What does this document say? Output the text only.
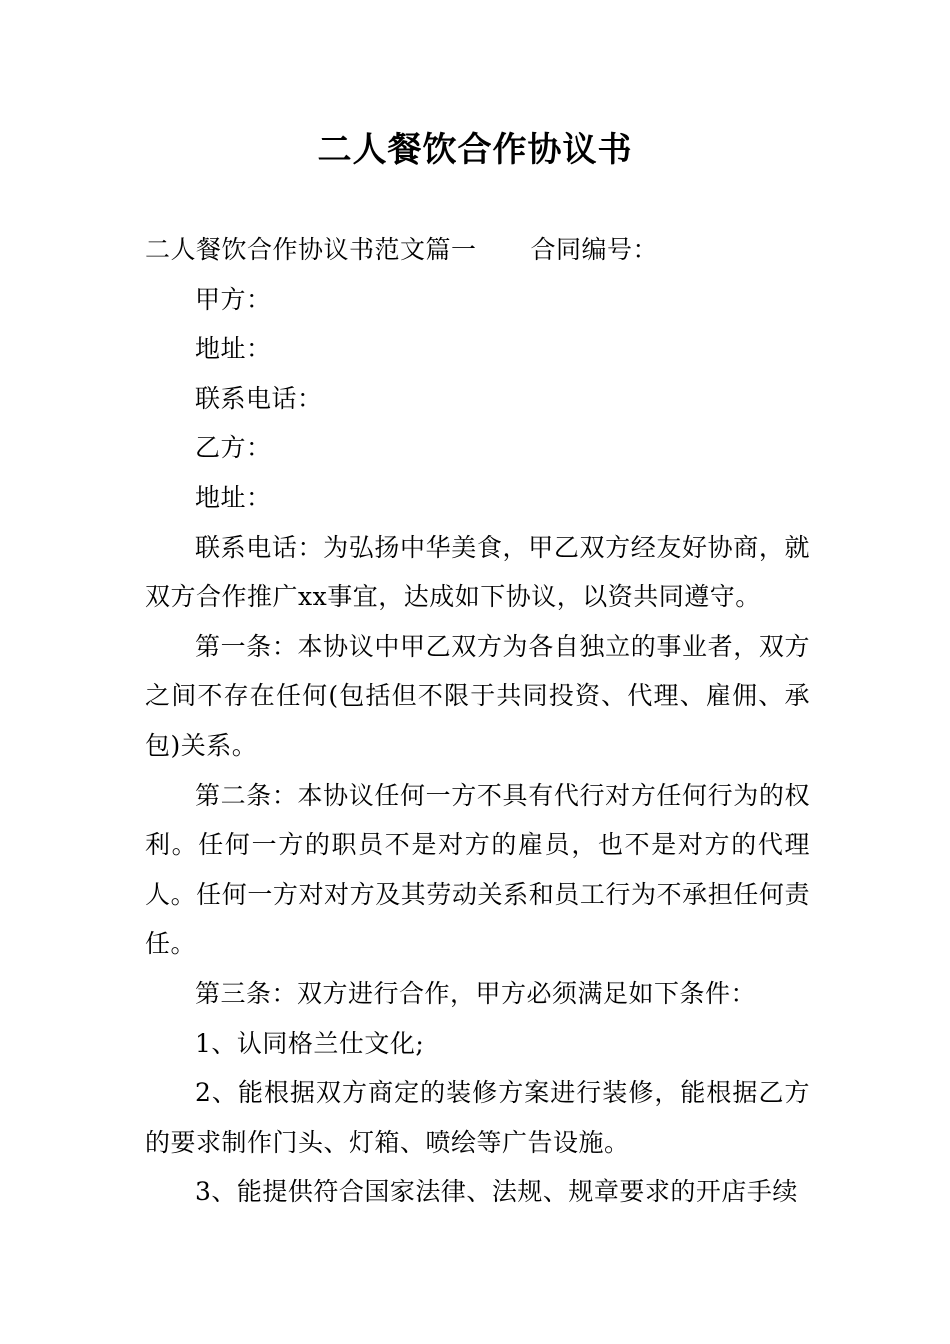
二人餐饮合作协议书

二人餐饮合作协议书范文篇一 合同编号：

甲方：

地址：

联系电话：

乙方：

地址：

联系电话：为弘扬中华美食，甲乙双方经友好协商，就双方合作推广xx事宜，达成如下协议，以资共同遵守。

第一条：本协议中甲乙双方为各自独立的事业者，双方之间不存在任何(包括但不限于共同投资、代理、雇佣、承包)关系。

第二条：本协议任何一方不具有代行对方任何行为的权利。任何一方的职员不是对方的雇员，也不是对方的代理人。任何一方对对方及其劳动关系和员工行为不承担任何责任。

第三条：双方进行合作，甲方必须满足如下条件：

1、认同格兰仕文化;

2、能根据双方商定的装修方案进行装修，能根据乙方的要求制作门头、灯箱、喷绘等广告设施。

3、能提供符合国家法律、法规、规章要求的开店手续
